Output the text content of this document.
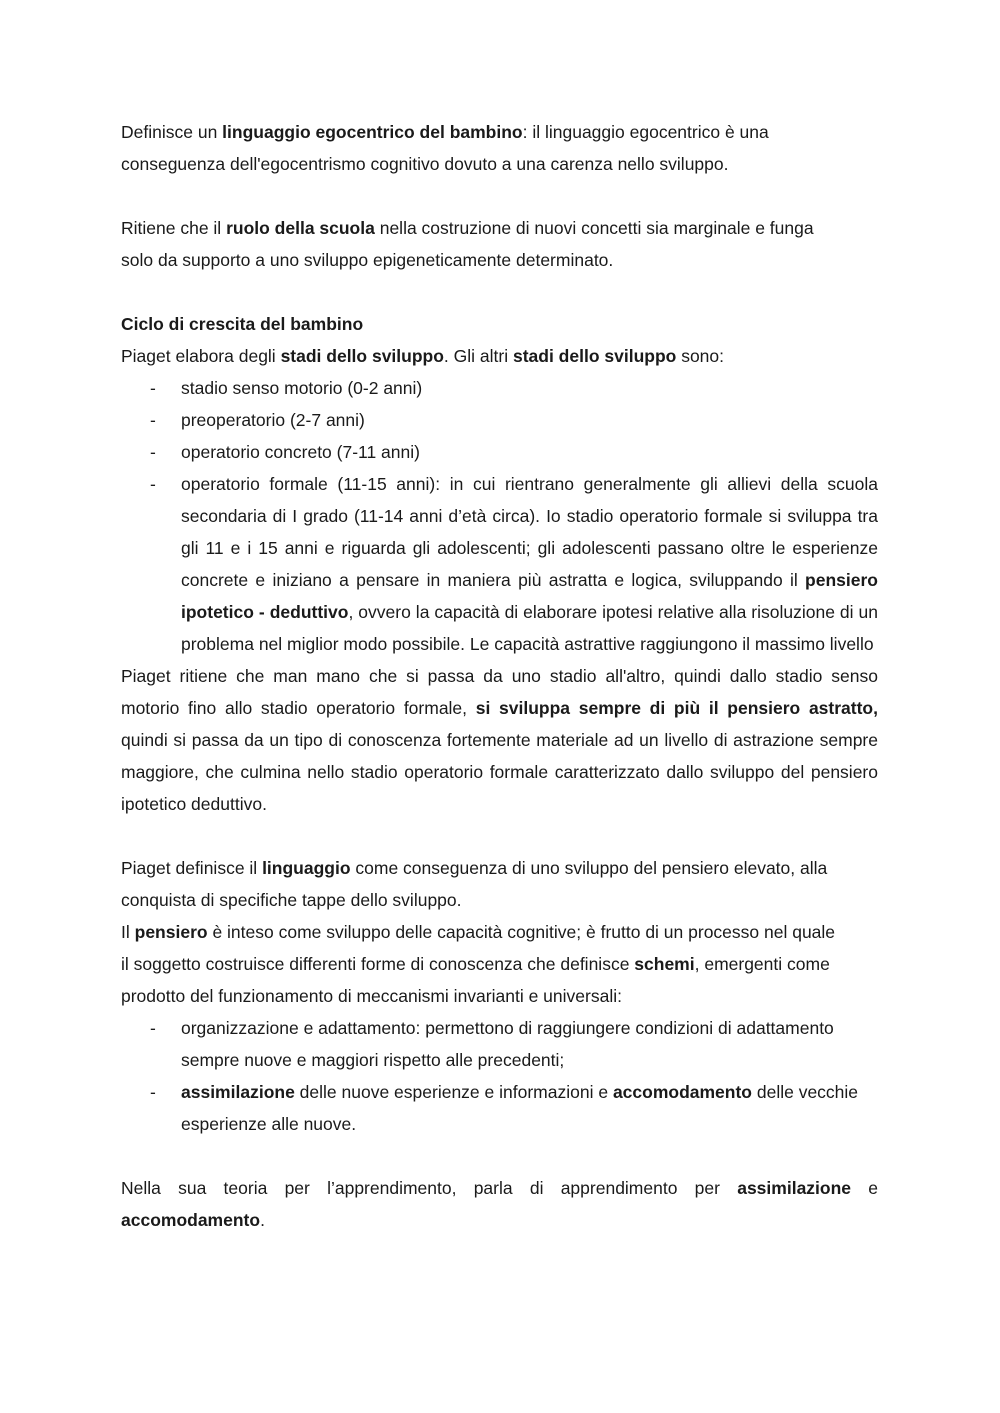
Definisce un linguaggio egocentrico del bambino: il linguaggio egocentrico è una
conseguenza dell'egocentrismo cognitivo dovuto a una carenza nello sviluppo.

Ritiene che il ruolo della scuola nella costruzione di nuovi concetti sia marginale e funga
solo da supporto a uno sviluppo epigeneticamente determinato.

Ciclo di crescita del bambino

Piaget elabora degli stadi dello sviluppo. Gli altri stadi dello sviluppo sono:

- stadio senso motorio (0-2 anni)
- preoperatorio (2-7 anni)
- operatorio concreto (7-11 anni)
- operatorio formale (11-15 anni): in cui rientrano generalmente gli allievi della scuola secondaria di I grado (11-14 anni d’età circa). Io stadio operatorio formale si sviluppa tra gli 11 e i 15 anni e riguarda gli adolescenti; gli adolescenti passano oltre le esperienze concrete e iniziano a pensare in maniera più astratta e logica, sviluppando il pensiero ipotetico - deduttivo, ovvero la capacità di elaborare ipotesi relative alla risoluzione di un problema nel miglior modo possibile. Le capacità astrattive raggiungono il massimo livello

Piaget ritiene che man mano che si passa da uno stadio all'altro, quindi dallo stadio senso motorio fino allo stadio operatorio formale, si sviluppa sempre di più il pensiero astratto, quindi si passa da un tipo di conoscenza fortemente materiale ad un livello di astrazione sempre maggiore, che culmina nello stadio operatorio formale caratterizzato dallo sviluppo del pensiero ipotetico deduttivo.

Piaget definisce il linguaggio come conseguenza di uno sviluppo del pensiero elevato, alla
conquista di specifiche tappe dello sviluppo.

Il pensiero è inteso come sviluppo delle capacità cognitive; è frutto di un processo nel quale
il soggetto costruisce differenti forme di conoscenza che definisce schemi, emergenti come
prodotto del funzionamento di meccanismi invarianti e universali:

- organizzazione e adattamento: permettono di raggiungere condizioni di adattamento sempre nuove e maggiori rispetto alle precedenti;
- assimilazione delle nuove esperienze e informazioni e accomodamento delle vecchie esperienze alle nuove.

Nella sua teoria per l’apprendimento, parla di apprendimento per assimilazione e
accomodamento.
